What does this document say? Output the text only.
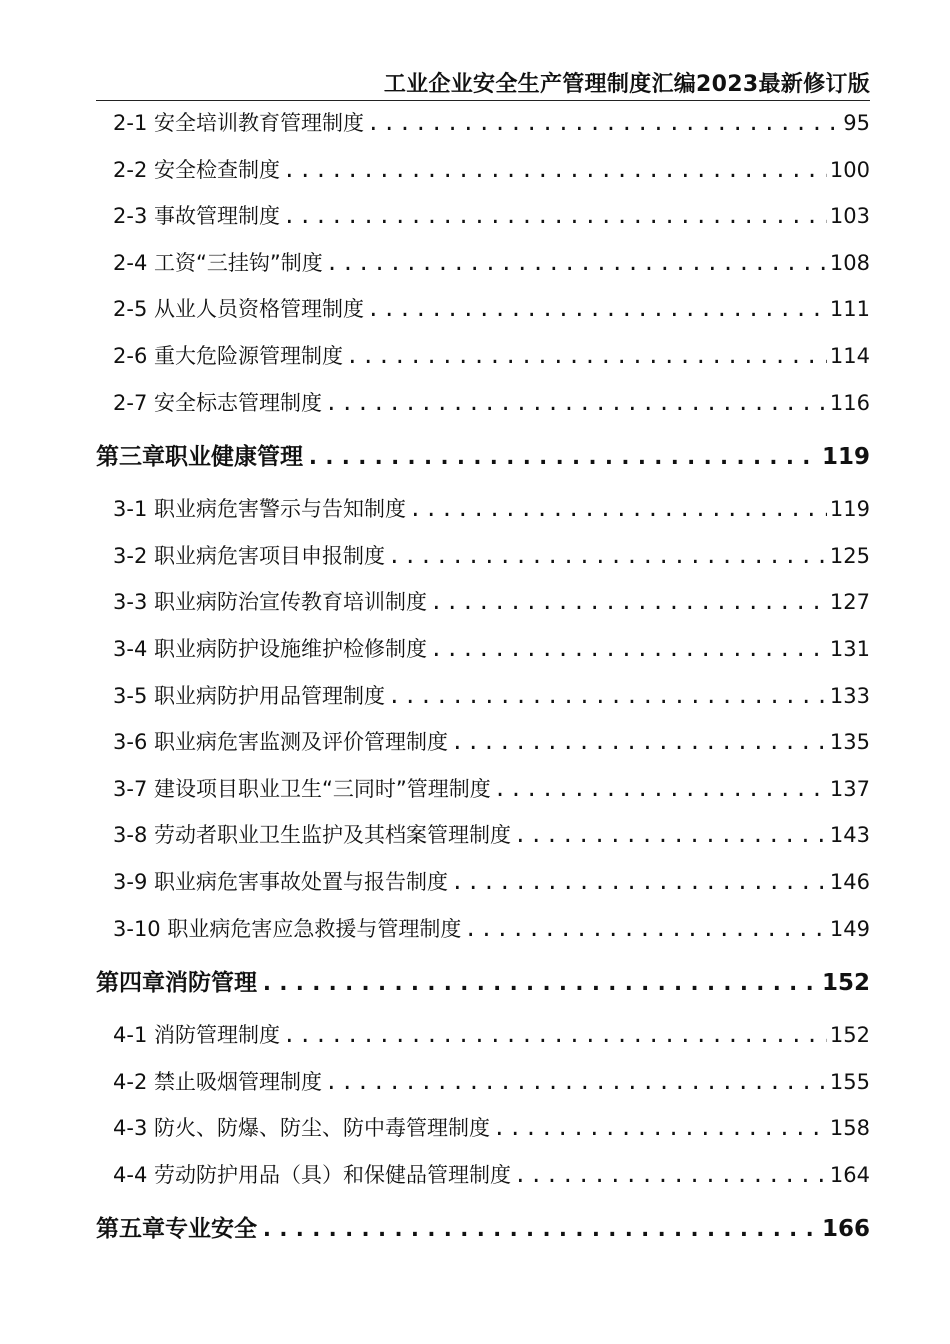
工业企业安全生产管理制度汇编2023最新修订版
2-1 安全培训教育管理制度 .....	95
2-2 安全检查制度 .....	100
2-3 事故管理制度 .....	103
2-4 工资“三挂钩”制度 .....	108
2-5 从业人员资格管理制度 .....	111
2-6 重大危险源管理制度 .....	114
2-7 安全标志管理制度 .....	116
第三章职业健康管理 .....	119
3-1 职业病危害警示与告知制度 .....	119
3-2 职业病危害项目申报制度 .....	125
3-3 职业病防治宣传教育培训制度 .....	127
3-4 职业病防护设施维护检修制度 .....	131
3-5 职业病防护用品管理制度 .....	133
3-6 职业病危害监测及评价管理制度 .....	135
3-7 建设项目职业卫生“三同时”管理制度 .....	137
3-8 劳动者职业卫生监护及其档案管理制度 .....	143
3-9 职业病危害事故处置与报告制度 .....	146
3-10 职业病危害应急救援与管理制度 .....	149
第四章消防管理 .....	152
4-1 消防管理制度 .....	152
4-2 禁止吸烟管理制度 .....	155
4-3 防火、防爆、防尘、防中毒管理制度 .....	158
4-4 劳动防护用品（具）和保健品管理制度 .....	164
第五章专业安全 .....	166
